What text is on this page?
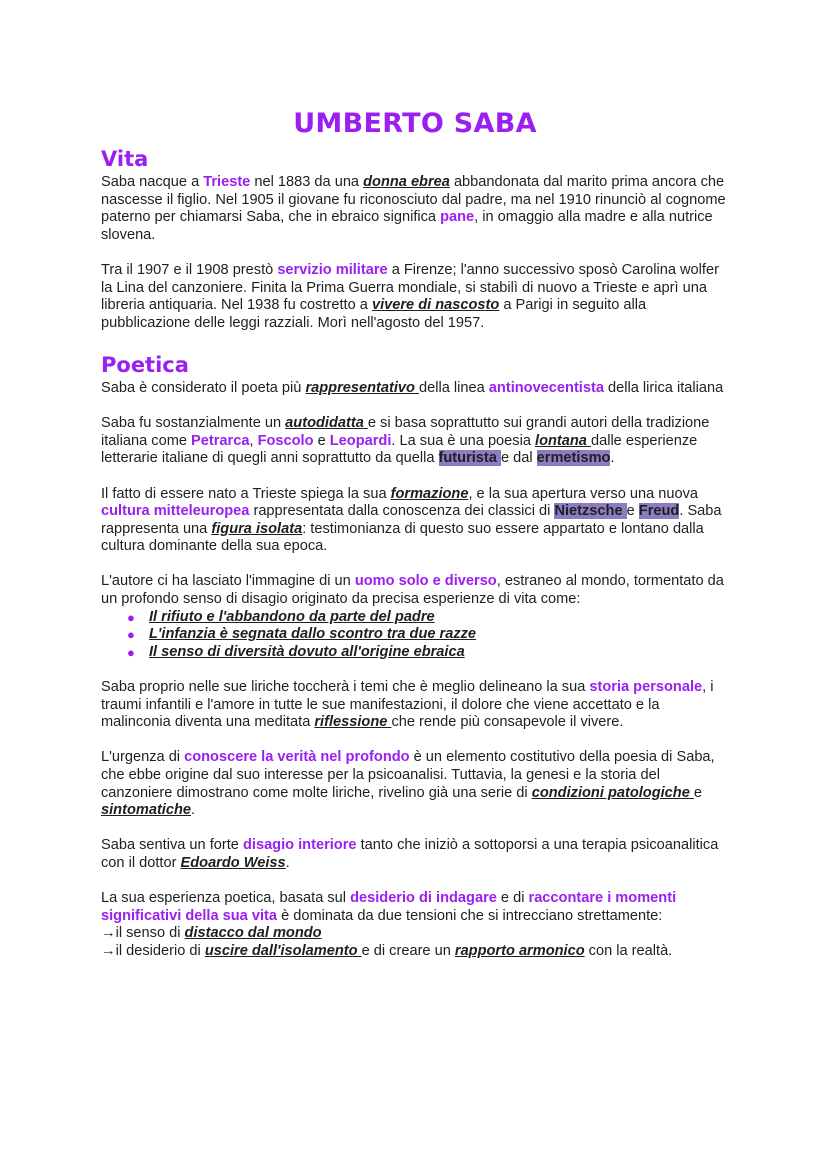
UMBERTO SABA
Vita

Saba nacque a Trieste nel 1883 da una donna ebrea abbandonata dal marito prima ancora che nascesse il figlio. Nel 1905 il giovane fu riconosciuto dal padre, ma nel 1910 rinunciò al cognome paterno per chiamarsi Saba, che in ebraico significa pane, in omaggio alla madre e alla nutrice slovena.

Tra il 1907 e il 1908 prestò servizio militare a Firenze; l'anno successivo sposò Carolina wolfer la Lina del canzoniere. Finita la Prima Guerra mondiale, si stabilì di nuovo a Trieste e aprì una libreria antiquaria. Nel 1938 fu costretto a vivere di nascosto a Parigi in seguito alla pubblicazione delle leggi razziali. Morì nell'agosto del 1957.

Poetica

Saba è considerato il poeta più rappresentativo della linea antinovecentista della lirica italiana

Saba fu sostanzialmente un autodidatta e si basa soprattutto sui grandi autori della tradizione italiana come Petrarca, Foscolo e Leopardi. La sua è una poesia lontana dalle esperienze letterarie italiane di quegli anni soprattutto da quella futurista e dal ermetismo.

Il fatto di essere nato a Trieste spiega la sua formazione, e la sua apertura verso una nuova cultura mitteleuropea rappresentata dalla conoscenza dei classici di Nietzsche e Freud. Saba rappresenta una figura isolata: testimonianza di questo suo essere appartato e lontano dalla cultura dominante della sua epoca.

L'autore ci ha lasciato l'immagine di un uomo solo e diverso, estraneo al mondo, tormentato da un profondo senso di disagio originato da precisa esperienze di vita come:

● Il rifiuto e l'abbandono da parte del padre
● L'infanzia è segnata dallo scontro tra due razze
● Il senso di diversità dovuto all'origine ebraica

Saba proprio nelle sue liriche toccherà i temi che è meglio delineano la sua storia personale, i traumi infantili e l'amore in tutte le sue manifestazioni, il dolore che viene accettato e la malinconia diventa una meditata riflessione che rende più consapevole il vivere.

L'urgenza di conoscere la verità nel profondo è un elemento costitutivo della poesia di Saba, che ebbe origine dal suo interesse per la psicoanalisi. Tuttavia, la genesi e la storia del canzoniere dimostrano come molte liriche, rivelino già una serie di condizioni patologiche e sintomatiche.

Saba sentiva un forte disagio interiore tanto che iniziò a sottoporsi a una terapia psicoanalitica con il dottor Edoardo Weiss.

La sua esperienza poetica, basata sul desiderio di indagare e di raccontare i momenti significativi della sua vita è dominata da due tensioni che si intrecciano strettamente:
→il senso di distacco dal mondo
→il desiderio di uscire dall'isolamento e di creare un rapporto armonico con la realtà.
